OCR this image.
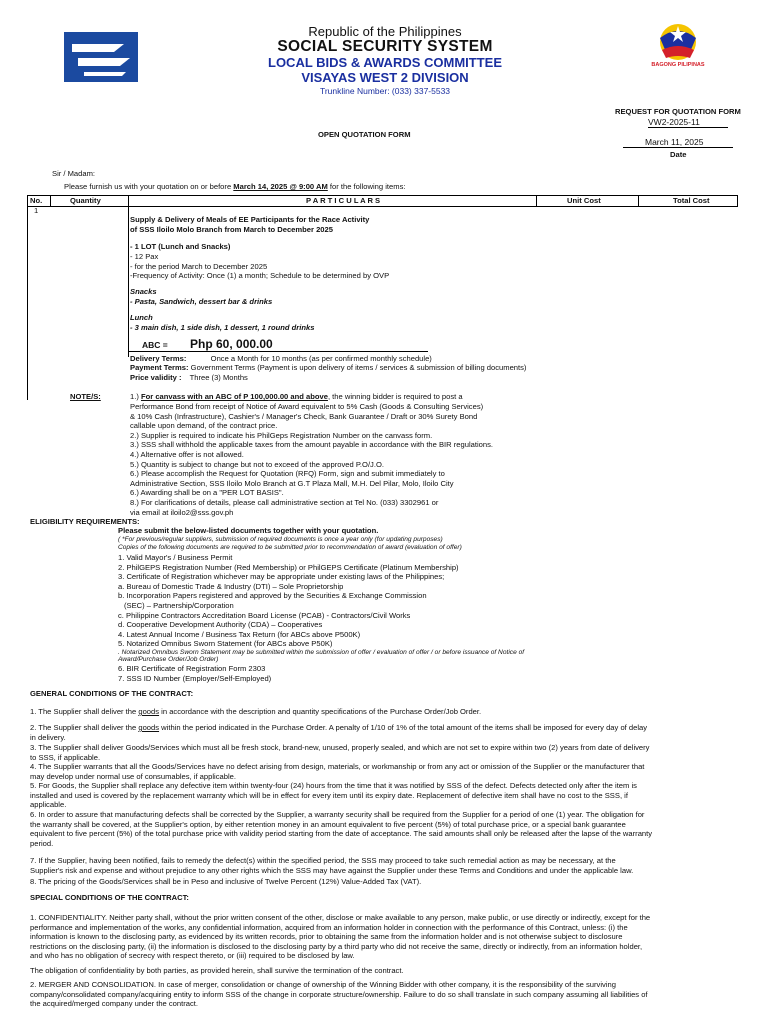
BAGONG PILIPINAS
Republic of the Philippines
SOCIAL SECURITY SYSTEM
LOCAL BIDS & AWARDS COMMITTEE
VISAYAS WEST 2 DIVISION
Trunkline Number: (033) 337-5533
REQUEST FOR QUOTATION FORM
VW2-2025-11
OPEN QUOTATION FORM
March 11, 2025
Date
Sir / Madam:
Please furnish us with your quotation on or before March 14, 2025 @ 9:00 AM for the following items:
No.	Quantity	P A R T I C U L A R S	Unit Cost	Total Cost
1
Supply & Delivery of Meals of EE Participants for the Race Activity
of SSS Iloilo Molo Branch from March to December 2025
- 1 LOT (Lunch and Snacks)
- 12 Pax
- for the period March to December 2025
-Frequency of Activity: Once (1) a month; Schedule to be determined by OVP
Snacks
- Pasta, Sandwich, dessert bar & drinks
Lunch
- 3 main dish, 1 side dish, 1 dessert, 1 round drinks
ABC = Php 60, 000.00
Delivery Terms:	Once a Month for 10 months (as per confirmed monthly schedule)
Payment Terms: Government Terms (Payment is upon delivery of items / services & submission of billing documents)
Price validity : Three (3) Months
NOTE/S:	1.) For canvass with an ABC of P 100,000.00 and above, the winning bidder is required to post a
Performance Bond from receipt of Notice of Award equivalent to 5% Cash (Goods & Consulting Services)
& 10% Cash (Infrastructure), Cashier's / Manager's Check, Bank Guarantee / Draft or 30% Surety Bond
callable upon demand, of the contract price.
2.) Supplier is required to indicate his PhilGeps Registration Number on the canvass form.
3.) SSS shall withhold the applicable taxes from the amount payable in accordance with the BIR regulations.
4.) Alternative offer is not allowed.
5.) Quantity is subject to change but not to exceed of the approved P.O/J.O.
6.) Please accomplish the Request for Quotation (RFQ) Form, sign and submit immediately to
Administrative Section, SSS Iloilo Molo Branch at G.T Plaza Mall, M.H. Del Pilar, Molo, Iloilo City
6.) Awarding shall be on a "PER LOT BASIS".
8.) For clarifications of details, please call administrative section at Tel No. (033) 3302961 or
via email at iloilo2@sss.gov.ph
ELIGIBILITY REQUIREMENTS:
Please submit the below-listed documents together with your quotation.
( *For previous/regular suppliers, submission of required documents is once a year only (for updating purposes)
Copies of the following documents are required to be submitted prior to recommendation of award (evaluation of offer)
1. Valid Mayor's / Business Permit
2. PhilGEPS Registration Number (Red Membership) or PhilGEPS Certificate (Platinum Membership)
3. Certificate of Registration whichever may be appropriate under existing laws of the Philippines;
a. Bureau of Domestic Trade & Industry (DTI) – Sole Proprietorship
b. Incorporation Papers registered and approved by the Securities & Exchange Commission
(SEC) – Partnership/Corporation
c. Philippine Contractors Accreditation Board License (PCAB) - Contractors/Civil Works
d. Cooperative Development Authority (CDA) – Cooperatives
4. Latest Annual Income / Business Tax Return (for ABCs above P500K)
5. Notarized Omnibus Sworn Statement (for ABCs above P50K)
. Notarized Omnibus Sworn Statement may be submitted within the submission of offer / evaluation of offer / or before issuance of Notice of
Award/Purchase Order/Job Order)
6. BIR Certificate of Registration Form 2303
7. SSS ID Number (Employer/Self-Employed)
GENERAL CONDITIONS OF THE CONTRACT:
1. The Supplier shall deliver the goods in accordance with the description and quantity specifications of the Purchase Order/Job Order.
2. The Supplier shall deliver the goods within the period indicated in the Purchase Order. A penalty of 1/10 of 1% of the total amount of the items shall be imposed for every day of delay
in delivery.
3. The Supplier shall deliver Goods/Services which must all be fresh stock, brand-new, unused, properly sealed, and which are not set to expire within two (2) years from date of delivery
to SSS, if applicable.
4. The Supplier warrants that all the Goods/Services have no defect arising from design, materials, or workmanship or from any act or omission of the Supplier or the manufacturer that
may develop under normal use of consumables, if applicable.
5. For Goods, the Supplier shall replace any defective item within twenty-four (24) hours from the time that it was notified by SSS of the defect. Defects detected only after the item is
installed and used is covered by the replacement warranty which will be in effect for every item until its expiry date. Replacement of defective item shall have no cost to the SSS, if
applicable.
6. In order to assure that manufacturing defects shall be corrected by the Supplier, a warranty security shall be required from the Supplier for a period of one (1) year. The obligation for
the warranty shall be covered, at the Supplier's option, by either retention money in an amount equivalent to five percent (5%) of total purchase price, or a special bank guarantee
equivalent to five percent (5%) of the total purchase price with validity period starting from the date of acceptance. The said amounts shall only be released after the lapse of the warranty
period.
7. If the Supplier, having been notified, fails to remedy the defect(s) within the specified period, the SSS may proceed to take such remedial action as may be necessary, at the
Supplier's risk and expense and without prejudice to any other rights which the SSS may have against the Supplier under these Terms and Conditions and under the applicable law.
8. The pricing of the Goods/Services shall be in Peso and inclusive of Twelve Percent (12%) Value-Added Tax (VAT).
SPECIAL CONDITIONS OF THE CONTRACT:
1. CONFIDENTIALITY. Neither party shall, without the prior written consent of the other, disclose or make available to any person, make public, or use directly or indirectly, except for the
performance and implementation of the works, any confidential information, acquired from an information holder in connection with the performance of this Contract, unless: (i) the
information is known to the disclosing party, as evidenced by its written records, prior to obtaining the same from the information holder and is not otherwise subject to disclosure
restrictions on the disclosing party, (ii) the information is disclosed to the disclosing party by a third party who did not receive the same, directly or indirectly, from an information holder,
and who has no obligation of secrecy with respect thereto, or (iii) required to be disclosed by law.
The obligation of confidentiality by both parties, as provided herein, shall survive the termination of the contract.
2. MERGER AND CONSOLIDATION. In case of merger, consolidation or change of ownership of the Winning Bidder with other company, it is the responsibility of the surviving
company/consolidated company/acquiring entity to inform SSS of the change in corporate structure/ownership. Failure to do so shall translate in such company assuming all liabilities of
the acquired/merged company under the contract.
